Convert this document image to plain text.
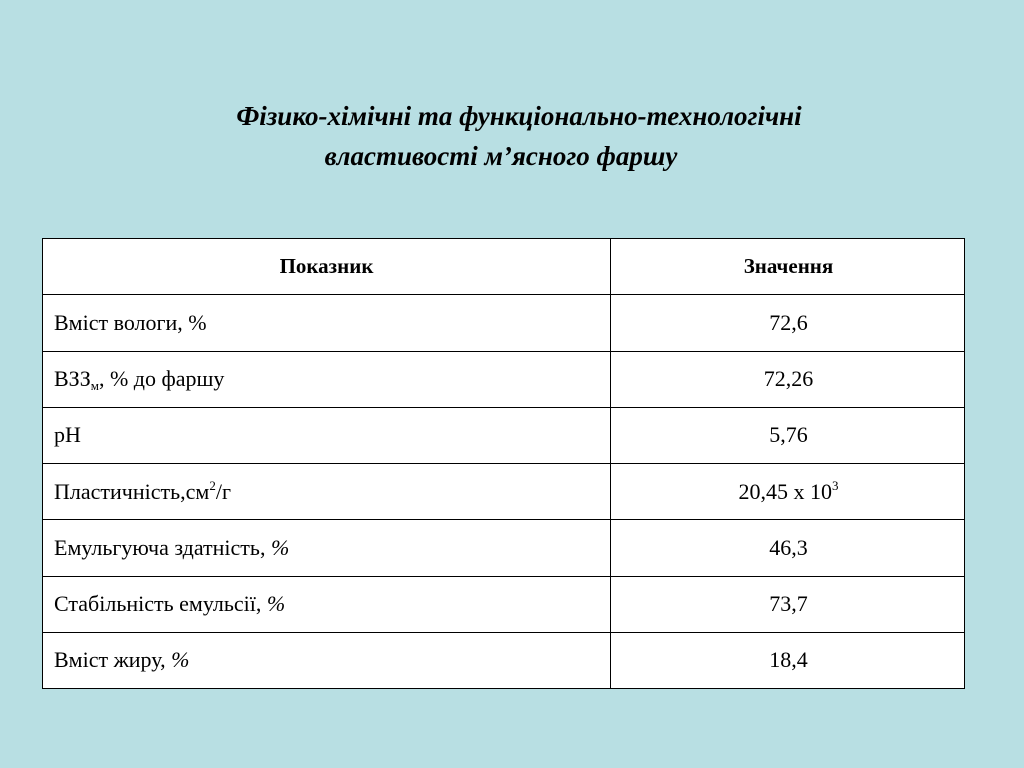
Фізико-хімічні та функціонально-технологічні
властивості м’ясного фаршу
Показник	Значення

Вміст вологи, %	72,6

$ВЗЗ_м$, % до фаршу	72,26

рН	5,76

$Пластичність,см^2/г$	20,45 х $10^3$

Емульгуюча здатність, %	46,3

Стабільність емульсії, %	73,7

Вміст жиру, %	18,4
